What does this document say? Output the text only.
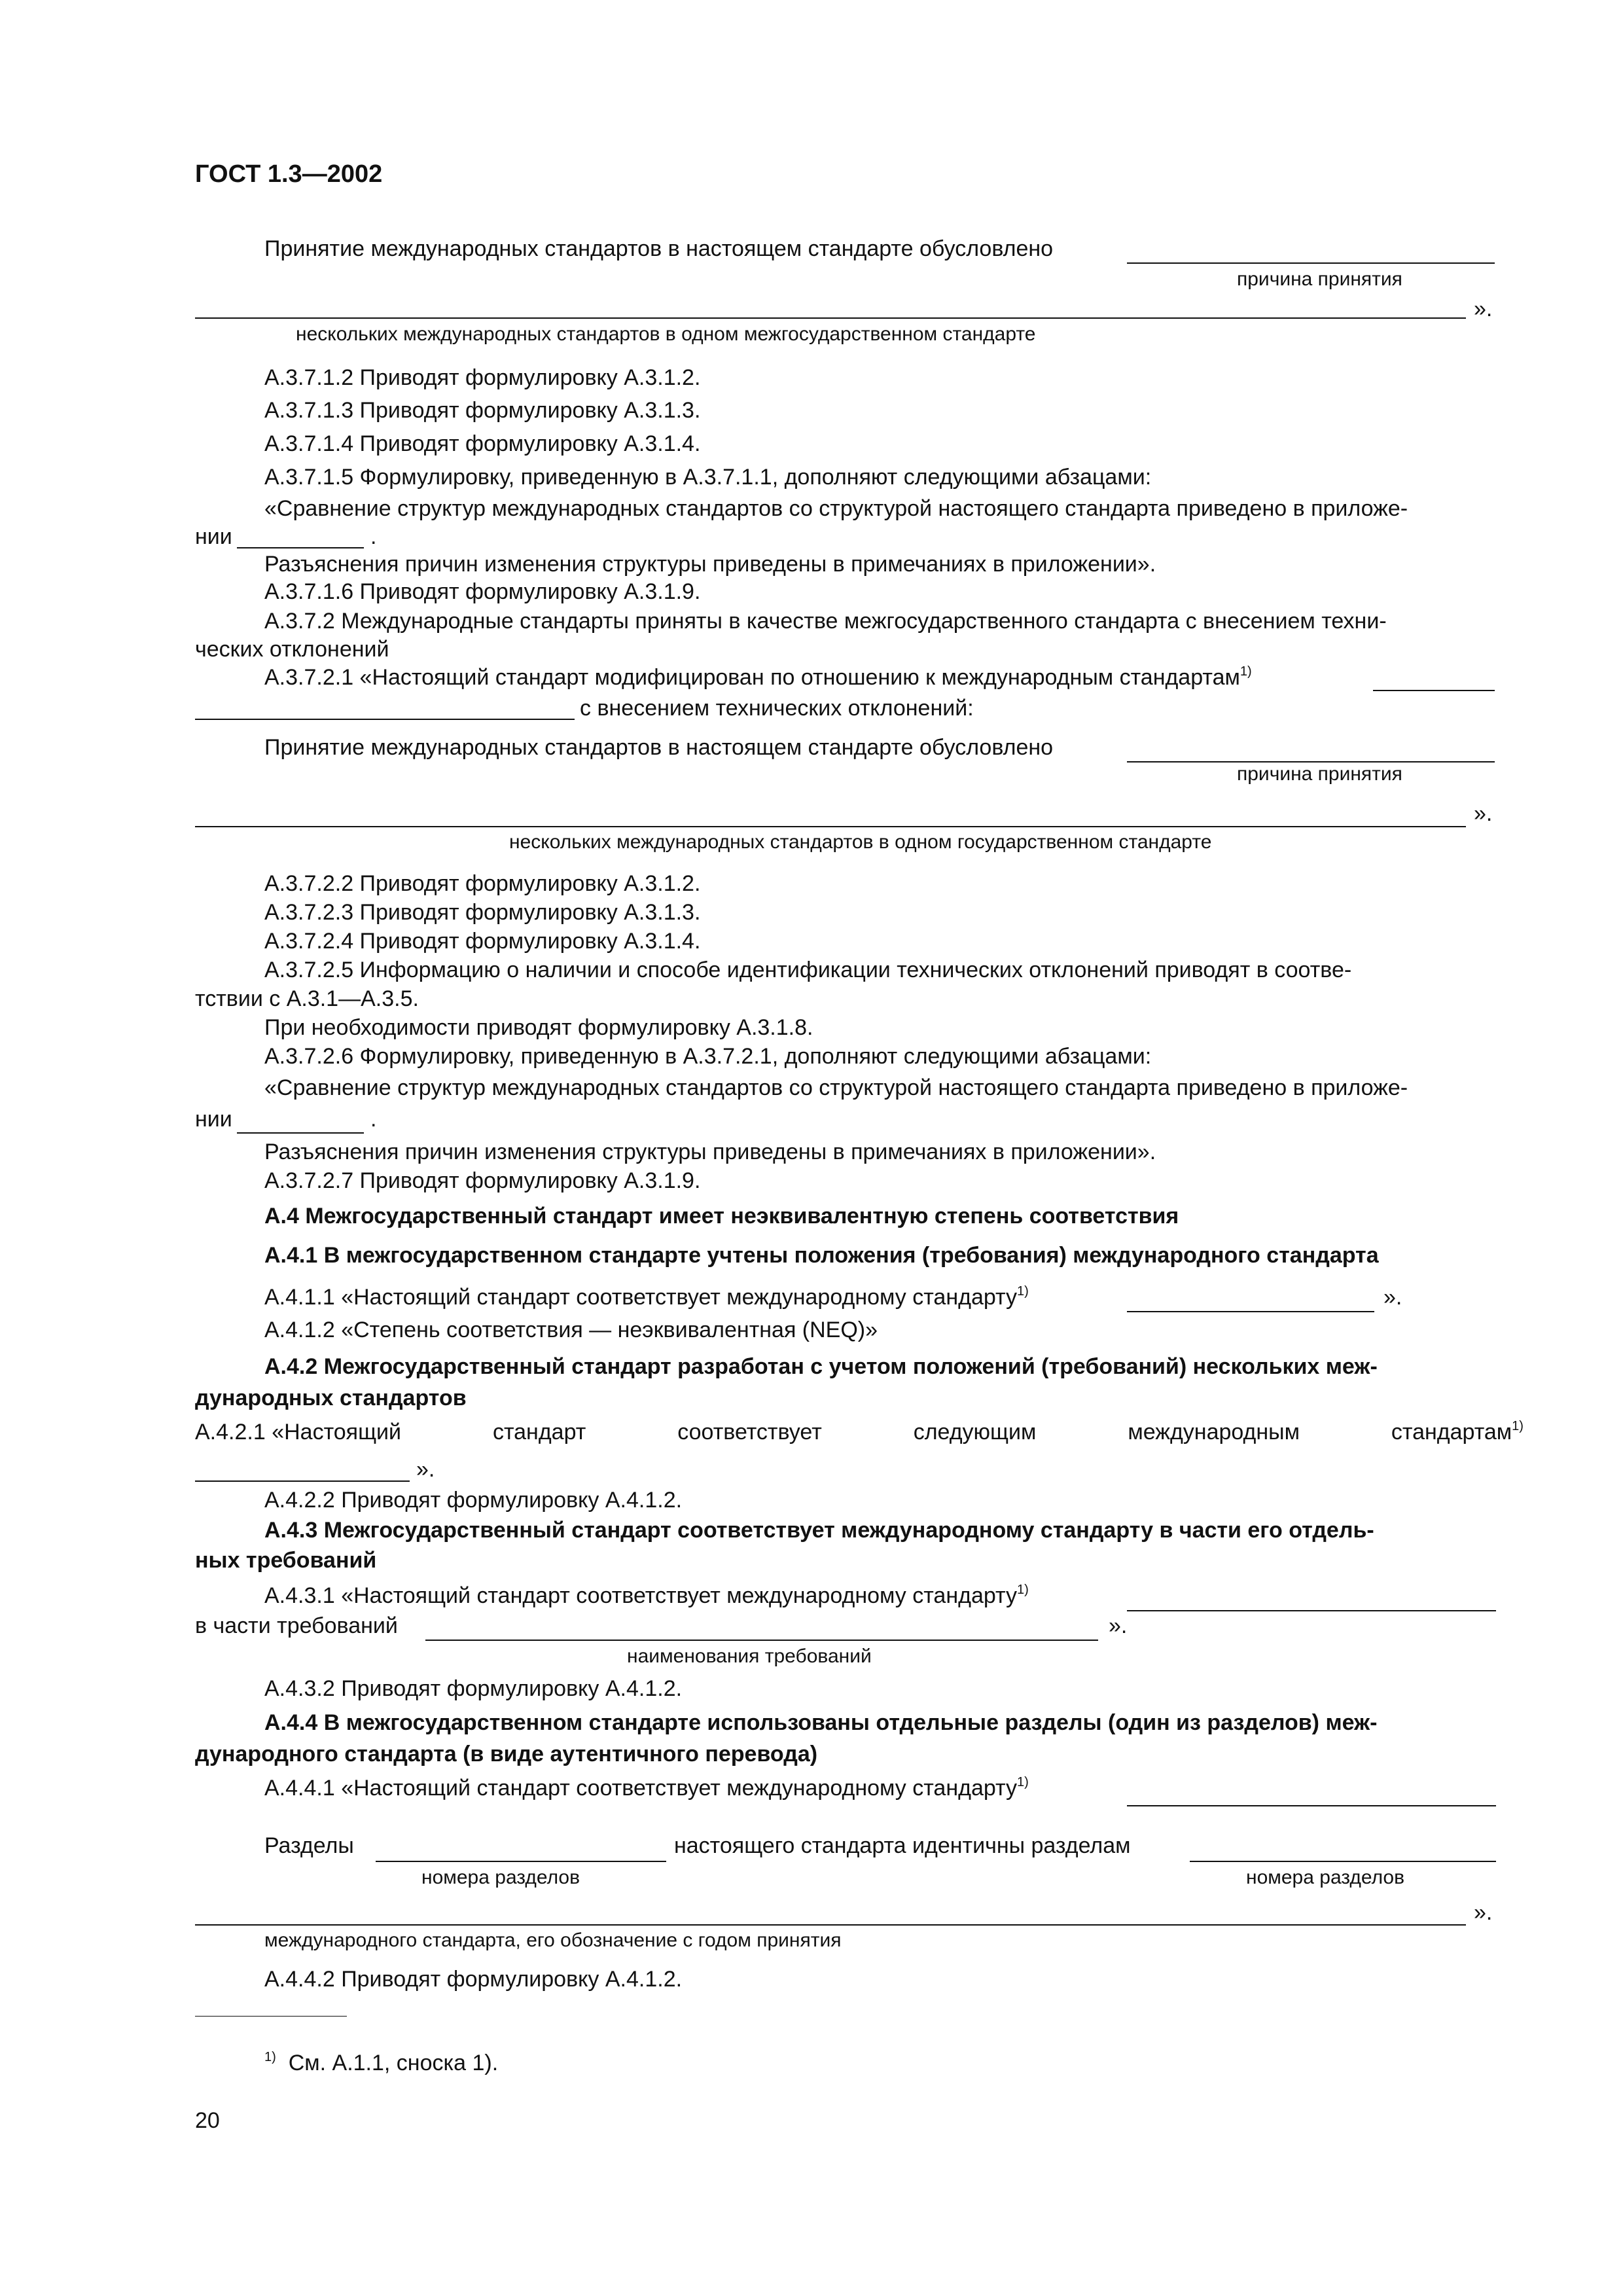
ГОСТ 1.3—2002
Принятие международных стандартов в настоящем стандарте обусловлено
причина принятия
».
нескольких международных стандартов в одном межгосударственном стандарте
А.3.7.1.2 Приводят формулировку А.3.1.2.
А.3.7.1.3 Приводят формулировку А.3.1.3.
А.3.7.1.4 Приводят формулировку А.3.1.4.
А.3.7.1.5 Формулировку, приведенную в А.3.7.1.1, дополняют следующими абзацами:
«Сравнение структур международных стандартов со структурой настоящего стандарта приведено в приложе-
нии	.
Разъяснения причин изменения структуры приведены в примечаниях в приложении».
А.3.7.1.6 Приводят формулировку А.3.1.9.
А.3.7.2 Международные стандарты приняты в качестве межгосударственного стандарта с внесением техни-
ческих отклонений
А.3.7.2.1 «Настоящий стандарт модифицирован по отношению к международным стандартам$^{1)}$
с внесением технических отклонений:
Принятие международных стандартов в настоящем стандарте обусловлено
причина принятия
».
нескольких международных стандартов в одном государственном стандарте
А.3.7.2.2 Приводят формулировку А.3.1.2.
А.3.7.2.3 Приводят формулировку А.3.1.3.
А.3.7.2.4 Приводят формулировку А.3.1.4.
А.3.7.2.5 Информацию о наличии и способе идентификации технических отклонений приводят в соотве-
тствии с А.3.1—А.3.5.
При необходимости приводят формулировку А.3.1.8.
А.3.7.2.6 Формулировку, приведенную в А.3.7.2.1, дополняют следующими абзацами:
«Сравнение структур международных стандартов со структурой настоящего стандарта приведено в приложе-
нии	.
Разъяснения причин изменения структуры приведены в примечаниях в приложении».
А.3.7.2.7 Приводят формулировку А.3.1.9.
А.4 Межгосударственный стандарт имеет неэквивалентную степень соответствия
А.4.1 В межгосударственном стандарте учтены положения (требования) международного стандарта
А.4.1.1 «Настоящий стандарт соответствует международному стандарту$^{1)}$	».
А.4.1.2 «Степень соответствия — неэквивалентная (NEQ)»
А.4.2 Межгосударственный стандарт разработан с учетом положений (требований) нескольких меж-
дународных стандартов
А.4.2.1 «Настоящий	стандарт	соответствует	следующим	международным	стандартам$^{1)}$
».
А.4.2.2 Приводят формулировку А.4.1.2.
А.4.3 Межгосударственный стандарт соответствует международному стандарту в части его отдель-
ных требований
А.4.3.1 «Настоящий стандарт соответствует международному стандарту$^{1)}$
в части требований	».
наименования требований
А.4.3.2 Приводят формулировку А.4.1.2.
А.4.4 В межгосударственном стандарте использованы отдельные разделы (один из разделов) меж-
дународного стандарта (в виде аутентичного перевода)
А.4.4.1 «Настоящий стандарт соответствует международному стандарту$^{1)}$
Разделы	настоящего стандарта идентичны разделам
номера разделов	номера разделов
».
международного стандарта, его обозначение с годом принятия
А.4.4.2 Приводят формулировку А.4.1.2.
$^{1)}$ См. А.1.1, сноска 1).
20
